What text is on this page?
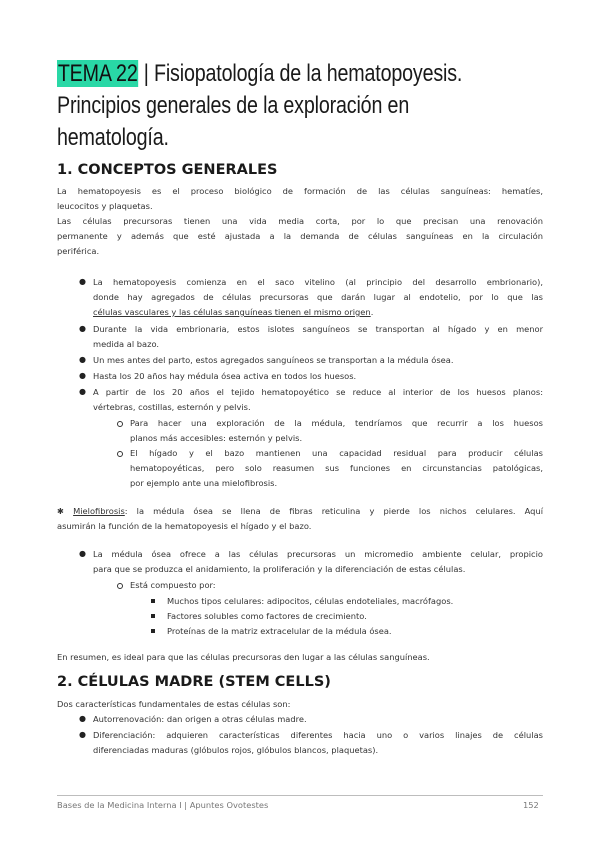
TEMA 22 | Fisiopatología de la hematopoyesis.
Principios generales de la exploración en
hematología.
1. CONCEPTOS GENERALES

La hematopoyesis es el proceso biológico de formación de las células sanguíneas: hematíes,

leucocitos y plaquetas.

Las células precursoras tienen una vida media corta, por lo que precisan una renovación

permanente y además que esté ajustada a la demanda de células sanguíneas en la circulación

periférica.

● La hematopoyesis comienza en el saco vitelino (al principio del desarrollo embrionario),

donde hay agregados de células precursoras que darán lugar al endotelio, por lo que las

células vasculares y las células sanguíneas tienen el mismo origen.

● Durante la vida embrionaria, estos islotes sanguíneos se transportan al hígado y en menor

medida al bazo.

● Un mes antes del parto, estos agregados sanguíneos se transportan a la médula ósea.

● Hasta los 20 años hay médula ósea activa en todos los huesos.

● A partir de los 20 años el tejido hematopoyético se reduce al interior de los huesos planos:

vértebras, costillas, esternón y pelvis.

Para hacer una exploración de la médula, tendríamos que recurrir a los huesos

planos más accesibles: esternón y pelvis.

El hígado y el bazo mantienen una capacidad residual para producir células

hematopoyéticas, pero solo reasumen sus funciones en circunstancias patológicas,

por ejemplo ante una mielofibrosis.

✱ Mielofibrosis: la médula ósea se llena de fibras reticulina y pierde los nichos celulares. Aquí

asumirán la función de la hematopoyesis el hígado y el bazo.

● La médula ósea ofrece a las células precursoras un micromedio ambiente celular, propicio

para que se produzca el anidamiento, la proliferación y la diferenciación de estas células.

Está compuesto por:

Muchos tipos celulares: adipocitos, células endoteliales, macrófagos.

Factores solubles como factores de crecimiento.

Proteínas de la matriz extracelular de la médula ósea.

En resumen, es ideal para que las células precursoras den lugar a las células sanguíneas.

2. CÉLULAS MADRE (STEM CELLS)

Dos características fundamentales de estas células son:

● Autorrenovación: dan origen a otras células madre.

● Diferenciación: adquieren características diferentes hacia uno o varios linajes de células

diferenciadas maduras (glóbulos rojos, glóbulos blancos, plaquetas).

Bases de la Medicina Interna I | Apuntes Ovotestes	152
